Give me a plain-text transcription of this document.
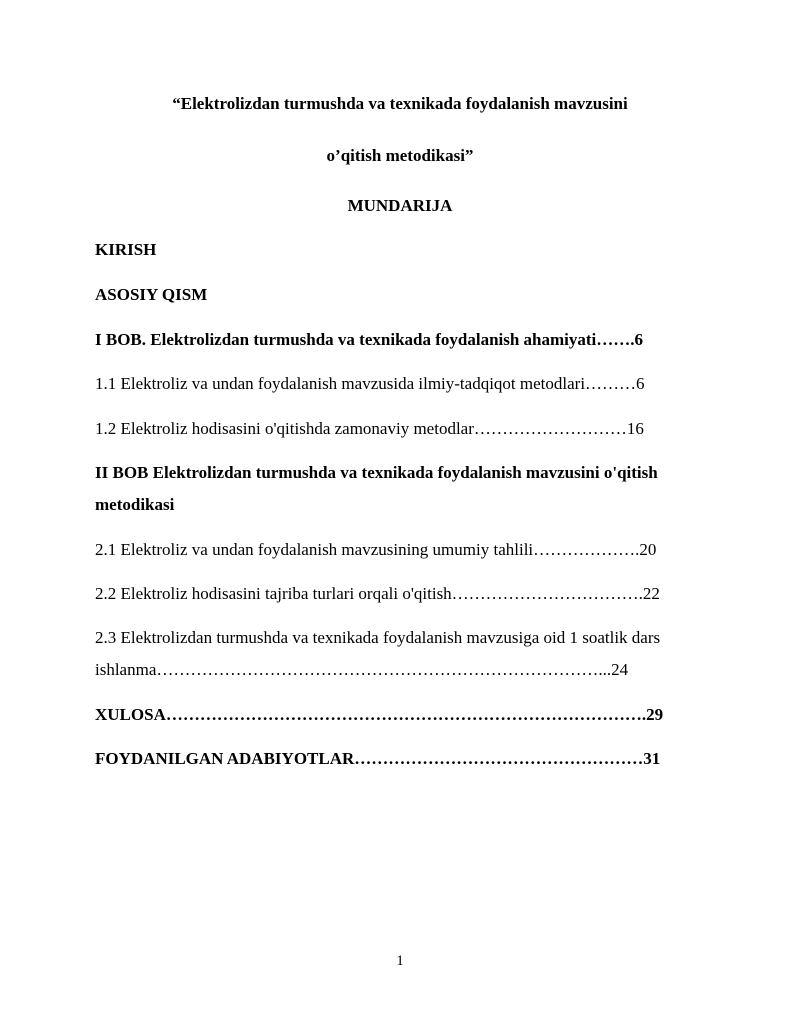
“Elektrolizdan turmushda va texnikada foydalanish mavzusini
o’qitish metodikasi”
MUNDARIJA
KIRISH
ASOSIY QISM
I BOB. Elektrolizdan turmushda va texnikada foydalanish ahamiyati…….6
1.1 Elektroliz va undan foydalanish mavzusida ilmiy-tadqiqot metodlari………6
1.2 Elektroliz hodisasini o'qitishda zamonaviy metodlar………………………16
II BOB Elektrolizdan turmushda va texnikada foydalanish mavzusini o'qitish
metodikasi
2.1 Elektroliz va undan foydalanish mavzusining umumiy tahlili……………….20
2.2 Elektroliz hodisasini tajriba turlari orqali o'qitish…………………………….22
2.3 Elektrolizdan turmushda va texnikada foydalanish mavzusiga oid 1 soatlik dars
ishlanma……………………………………………………………………...24
XULOSA………………………………………………………………………….29
FOYDANILGAN ADABIYOTLAR……………………………………………31
1
